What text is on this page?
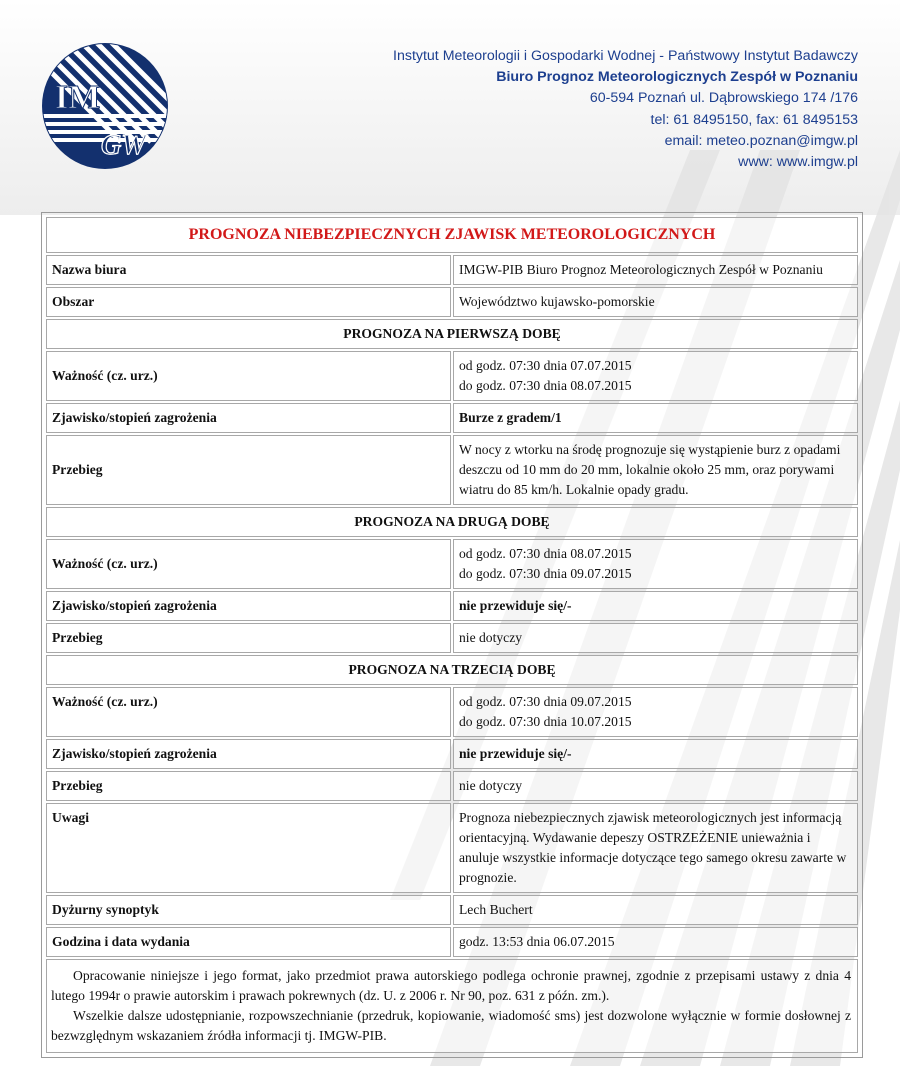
IM
GW
Instytut Meteorologii i Gospodarki Wodnej - Państwowy Instytut Badawczy
Biuro Prognoz Meteorologicznych Zespół w Poznaniu
60-594 Poznań ul. Dąbrowskiego 174 /176
tel: 61 8495150, fax: 61 8495153
email: meteo.poznan@imgw.pl
www: www.imgw.pl
PROGNOZA NIEBEZPIECZNYCH ZJAWISK METEOROLOGICZNYCH	
Nazwa biura	IMGW-PIB Biuro Prognoz Meteorologicznych Zespół w Poznaniu
Obszar	Województwo kujawsko-pomorskie
PROGNOZA NA PIERWSZĄ DOBĘ	
Ważność (cz. urz.)	od godz. 07:30 dnia 07.07.2015
do godz. 07:30 dnia 08.07.2015

Zjawisko/stopień zagrożenia	Burze z gradem/1
Przebieg	W nocy z wtorku na środę prognozuje się wystąpienie burz z opadami deszczu od 10 mm do 20 mm, lokalnie około 25 mm, oraz porywami wiatru do 85 km/h. Lokalnie opady gradu.
PROGNOZA NA DRUGĄ DOBĘ	
Ważność (cz. urz.)	od godz. 07:30 dnia 08.07.2015
do godz. 07:30 dnia 09.07.2015

Zjawisko/stopień zagrożenia	nie przewiduje się/-
Przebieg	nie dotyczy
PROGNOZA NA TRZECIĄ DOBĘ	
Ważność (cz. urz.)	od godz. 07:30 dnia 09.07.2015
do godz. 07:30 dnia 10.07.2015

Zjawisko/stopień zagrożenia	nie przewiduje się/-
Przebieg	nie dotyczy
Uwagi	Prognoza niebezpiecznych zjawisk meteorologicznych jest informacją orientacyjną. Wydawanie depeszy OSTRZEŻENIE unieważnia i anuluje wszystkie informacje dotyczące tego samego okresu zawarte w prognozie.
Dyżurny synoptyk	Lech Buchert
Godzina i data wydania	godz. 13:53 dnia 06.07.2015

Opracowanie niniejsze i jego format, jako przedmiot prawa autorskiego podlega ochronie prawnej, zgodnie z przepisami ustawy z dnia 4 lutego 1994r o prawie autorskim i prawach pokrewnych (dz. U. z 2006 r. Nr 90, poz. 631 z późn. zm.).

Wszelkie dalsze udostępnianie, rozpowszechnianie (przedruk, kopiowanie, wiadomość sms) jest dozwolone wyłącznie w formie dosłownej z bezwzględnym wskazaniem źródła informacji tj. IMGW-PIB.	
